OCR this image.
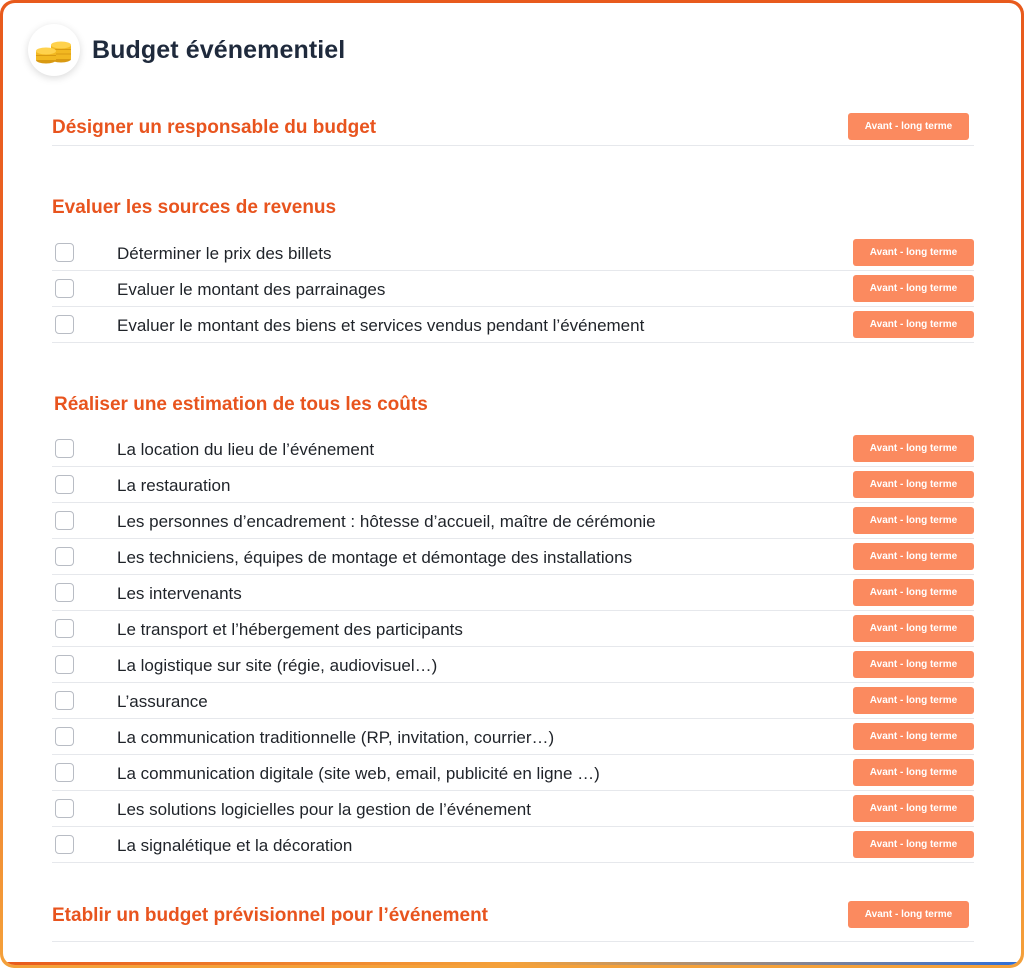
Budget événementiel
Désigner un responsable du budget	Avant - long terme
Evaluer les sources de revenus
Déterminer le prix des billets	Avant - long terme
Evaluer le montant des parrainages	Avant - long terme
Evaluer le montant des biens et services vendus pendant l’événement	Avant - long terme
Réaliser une estimation de tous les coûts
La location du lieu de l’événement	Avant - long terme
La restauration	Avant - long terme
Les personnes d’encadrement : hôtesse d’accueil, maître de cérémonie	Avant - long terme
Les techniciens, équipes de montage et démontage des installations	Avant - long terme
Les intervenants	Avant - long terme
Le transport et l’hébergement des participants	Avant - long terme
La logistique sur site (régie, audiovisuel…)	Avant - long terme
L’assurance	Avant - long terme
La communication traditionnelle (RP, invitation, courrier…)	Avant - long terme
La communication digitale (site web, email, publicité en ligne …)	Avant - long terme
Les solutions logicielles pour la gestion de l’événement	Avant - long terme
La signalétique et la décoration	Avant - long terme
Etablir un budget prévisionnel pour l’événement	Avant - long terme
